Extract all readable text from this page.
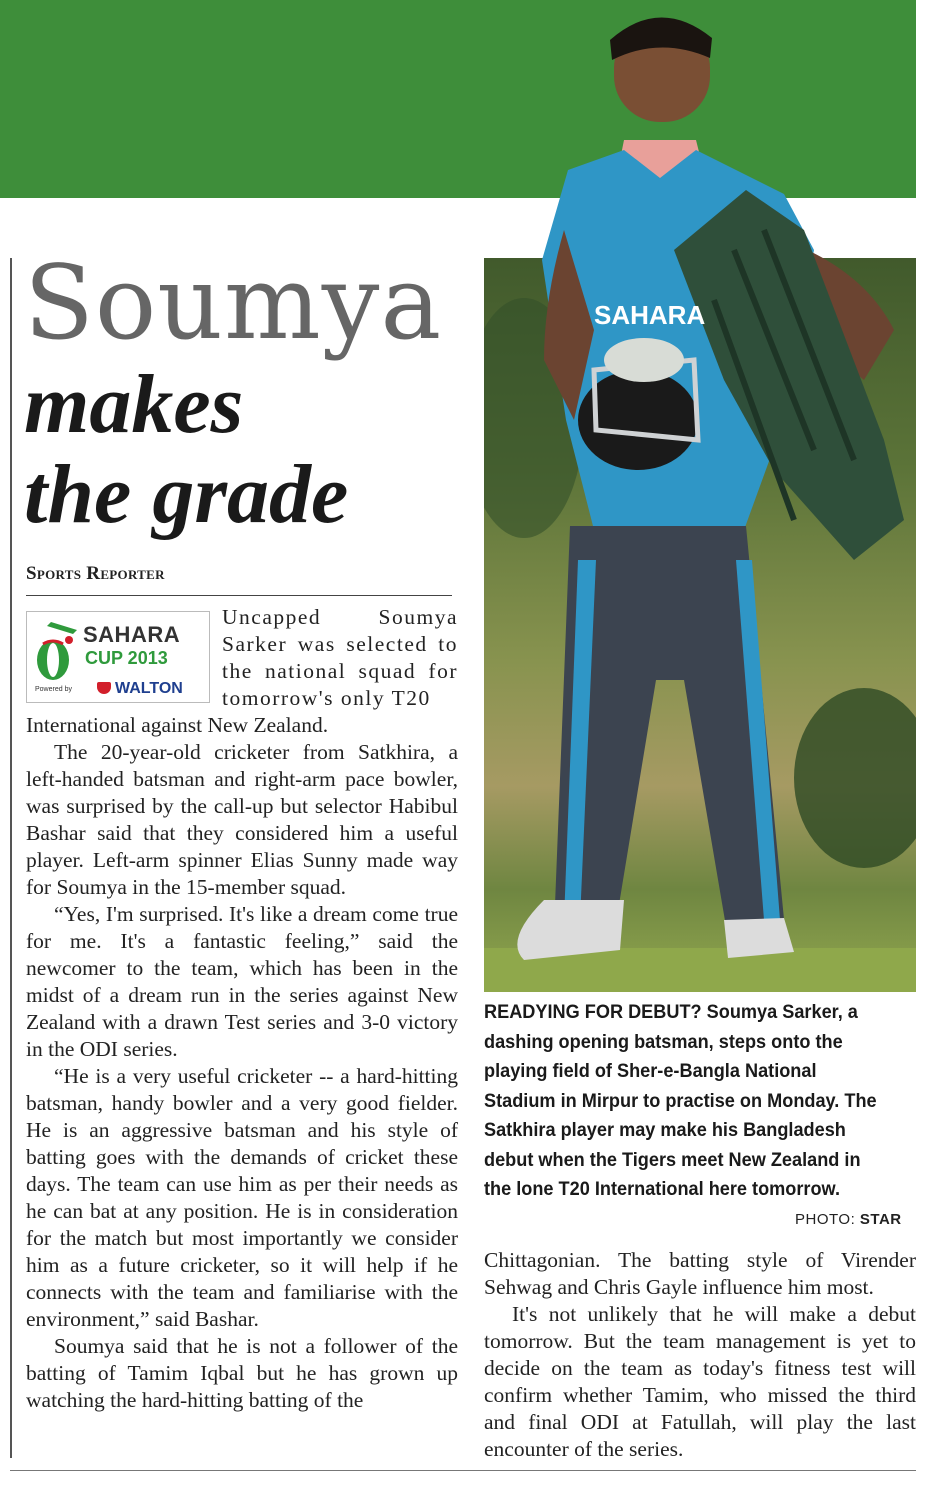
Soumya
makes
the grade
Sports Reporter
SAHARA
CUP 2013
Powered by	WALTON

Uncapped Soumya Sarker was selected to the national squad for tomorrow's only T20

International against New Zealand.

The 20-year-old cricketer from Satkhira, a left-handed batsman and right-arm pace bowler, was surprised by the call-up but selector Habibul Bashar said that they considered him a useful player. Left-arm spinner Elias Sunny made way for Soumya in the 15-member squad.

“Yes, I'm surprised. It's like a dream come true for me. It's a fantastic feeling,” said the newcomer to the team, which has been in the midst of a dream run in the series against New Zealand with a drawn Test series and 3-0 victory in the ODI series.

“He is a very useful cricketer -- a hard-hitting batsman, handy bowler and a very good fielder. He is an aggressive batsman and his style of batting goes with the demands of cricket these days. The team can use him as per their needs as he can bat at any position. He is in consideration for the match but most importantly we consider him as a future cricketer, so it will help if he connects with the team and familiarise with the environment,” said Bashar.

Soumya said that he is not a follower of the batting of Tamim Iqbal but he has grown up watching the hard-hitting batting of the

SAHARA
READYING FOR DEBUT? Soumya Sarker, a dashing opening batsman, steps onto the playing field of Sher-e-Bangla National Stadium in Mirpur to practise on Monday. The Satkhira player may make his Bangladesh debut when the Tigers meet New Zealand in the lone T20 International here tomorrow.
PHOTO: STAR

Chittagonian. The batting style of Virender Sehwag and Chris Gayle influence him most.

It's not unlikely that he will make a debut tomorrow. But the team management is yet to decide on the team as today's fitness test will confirm whether Tamim, who missed the third and final ODI at Fatullah, will play the last encounter of the series.
